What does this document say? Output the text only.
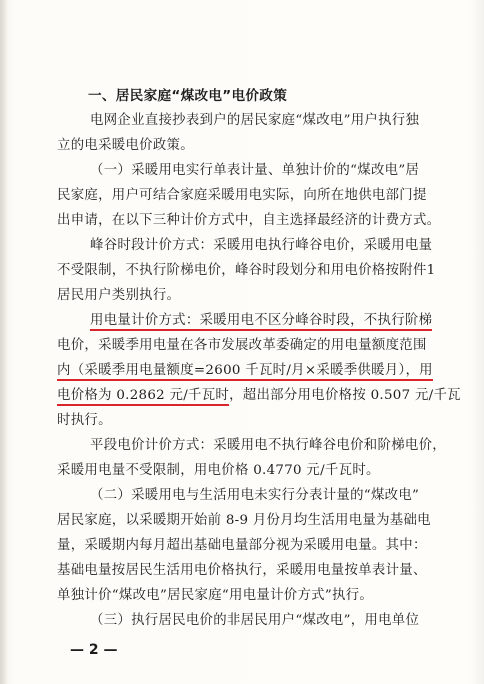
一、居民家庭“煤改电”电价政策
电网企业直接抄表到户的居民家庭“煤改电”用户执行独
立的电采暖电价政策。
（一）采暖用电实行单表计量、单独计价的“煤改电”居
民家庭，用户可结合家庭采暖用电实际，向所在地供电部门提
出申请，在以下三种计价方式中，自主选择最经济的计费方式。
峰谷时段计价方式：采暖用电执行峰谷电价，采暖用电量
不受限制，不执行阶梯电价，峰谷时段划分和用电价格按附件1
居民用户类别执行。
用电量计价方式：采暖用电不区分峰谷时段，不执行阶梯
电价，采暖季用电量在各市发展改革委确定的用电量额度范围
内（采暖季用电量额度=2600 千瓦时/月×采暖季供暖月），用
电价格为 0.2862 元/千瓦时，超出部分用电价格按 0.507 元/千瓦
时执行。
平段电价计价方式：采暖用电不执行峰谷电价和阶梯电价，
采暖用电量不受限制，用电价格 0.4770 元/千瓦时。
（二）采暖用电与生活用电未实行分表计量的“煤改电”
居民家庭，以采暖期开始前 8-9 月份月均生活用电量为基础电
量，采暖期内每月超出基础电量部分视为采暖用电量。其中：
基础电量按居民生活用电价格执行，采暖用电量按单表计量、
单独计价“煤改电”居民家庭“用电量计价方式”执行。
（三）执行居民电价的非居民用户“煤改电”，用电单位
— 2 —
